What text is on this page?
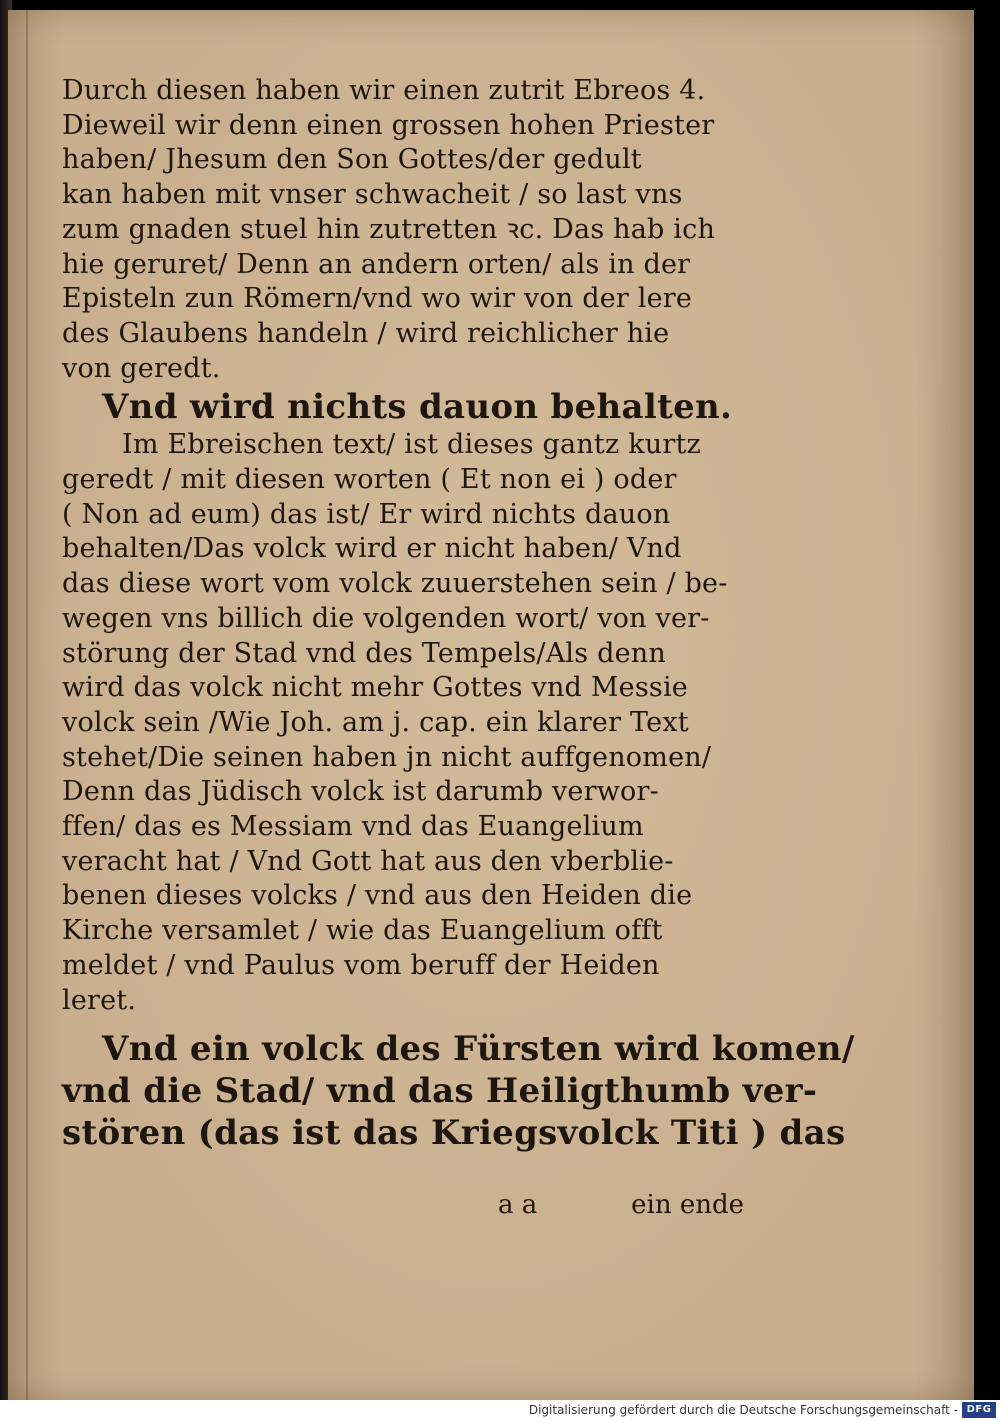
Durch diesen haben wir einen zutrit Ebreos 4.
Dieweil wir denn einen grossen hohen Priester
haben/ Jhesum den Son Gottes/der gedult
kan haben mit vnser schwacheit / so last vns
zum gnaden stuel hin zutretten ꝛc. Das hab ich
hie geruret/ Denn an andern orten/ als in der
Episteln zun Römern/vnd wo wir von der lere
des Glaubens handeln / wird reichlicher hie
von geredt.
Vnd wird nichts dauon behalten.
Im Ebreischen text/ ist dieses gantz kurtz
geredt / mit diesen worten ( Et non ei ) oder
( Non ad eum) das ist/ Er wird nichts dauon
behalten/Das volck wird er nicht haben/ Vnd
das diese wort vom volck zuuerstehen sein / be-
wegen vns billich die volgenden wort/ von ver-
störung der Stad vnd des Tempels/Als denn
wird das volck nicht mehr Gottes vnd Messie
volck sein /Wie Joh. am j. cap. ein klarer Text
stehet/Die seinen haben jn nicht auffgenomen/
Denn das Jüdisch volck ist darumb verwor-
ffen/ das es Messiam vnd das Euangelium
veracht hat / Vnd Gott hat aus den vberblie-
benen dieses volcks / vnd aus den Heiden die
Kirche versamlet / wie das Euangelium offt
meldet / vnd Paulus vom beruff der Heiden
leret.
Vnd ein volck des Fürsten wird komen/
vnd die Stad/ vnd das Heiligthumb ver-
stören (das ist das Kriegsvolck Titi ) das
a a	ein ende
Digitalisierung gefördert durch die Deutsche Forschungsgemeinschaft - DFG
